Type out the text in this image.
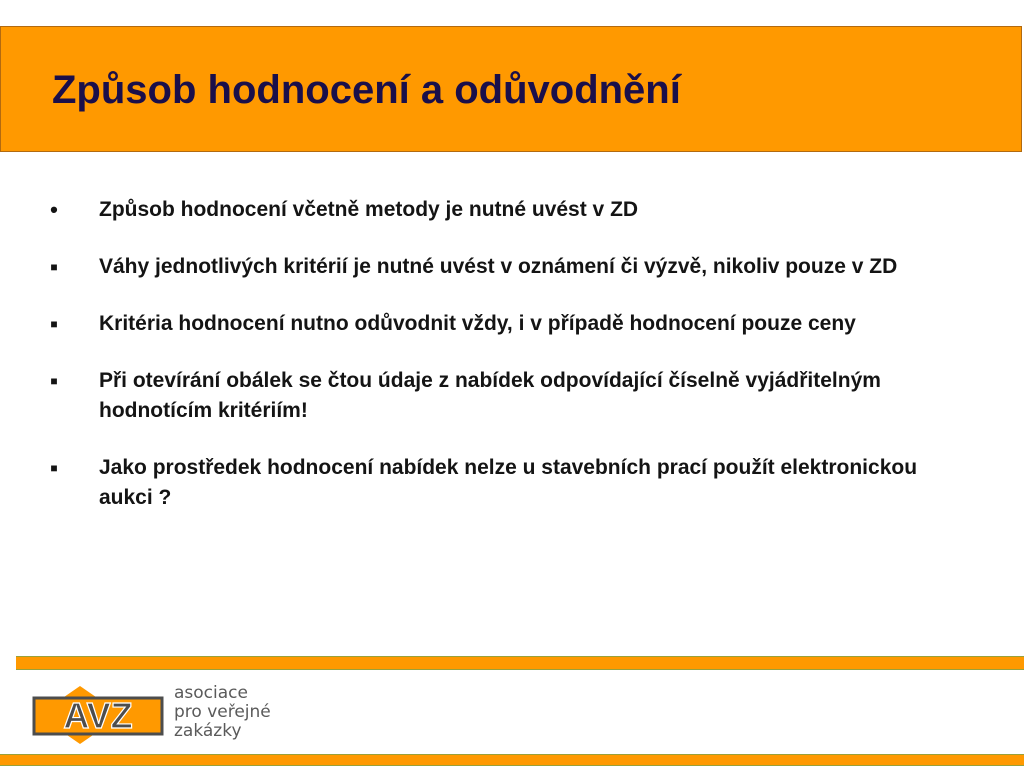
Způsob hodnocení a odůvodnění
• Způsob hodnocení včetně metody je nutné uvést v ZD
■	Váhy jednotlivých kritérií je nutné uvést v oznámení či výzvě, nikoliv pouze v ZD
■	Kritéria hodnocení nutno odůvodnit vždy, i v případě hodnocení pouze ceny
■	Při otevírání obálek se čtou údaje z nabídek odpovídající číselně vyjádřitelným hodnotícím kritériím!
■	Jako prostředek hodnocení nabídek nelze u stavebních prací použít elektronickou aukci ?
AVZ
asociace
pro veřejné
zakázky
